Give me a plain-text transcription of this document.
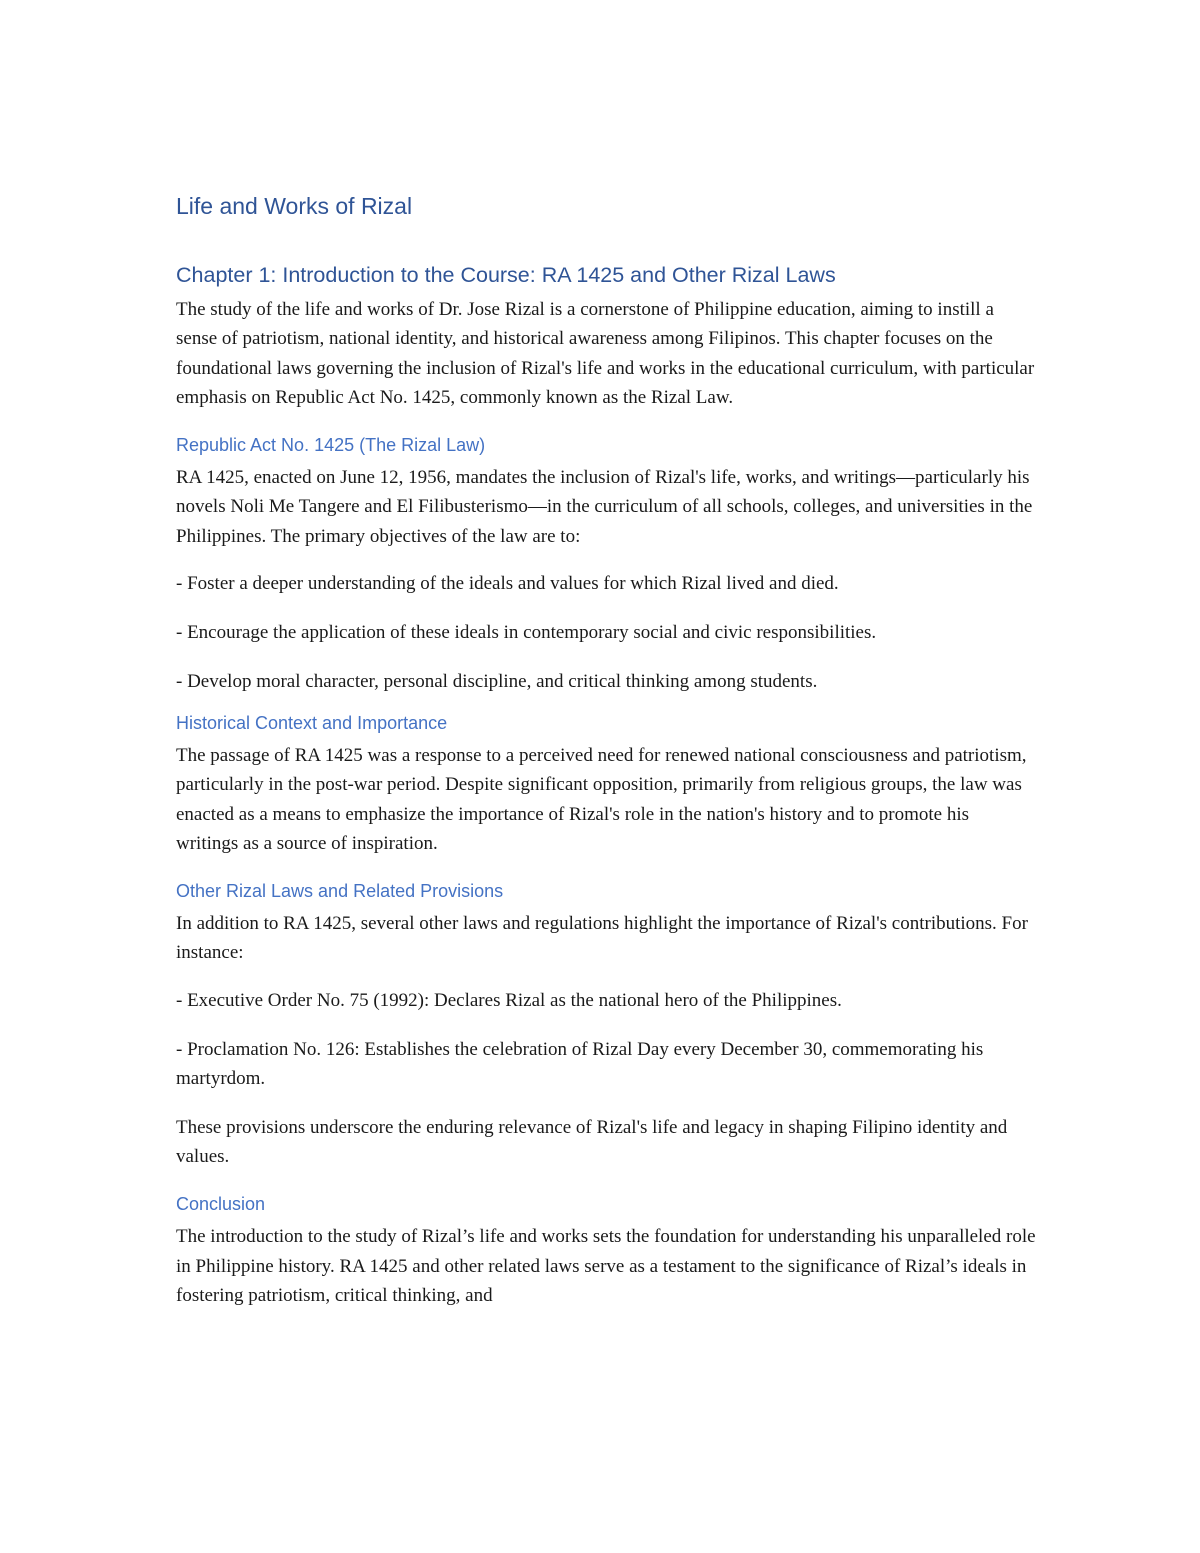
Life and Works of Rizal
Chapter 1: Introduction to the Course: RA 1425 and Other Rizal Laws

The study of the life and works of Dr. Jose Rizal is a cornerstone of Philippine education, aiming to instill a sense of patriotism, national identity, and historical awareness among Filipinos. This chapter focuses on the foundational laws governing the inclusion of Rizal's life and works in the educational curriculum, with particular emphasis on Republic Act No. 1425, commonly known as the Rizal Law.

Republic Act No. 1425 (The Rizal Law)

RA 1425, enacted on June 12, 1956, mandates the inclusion of Rizal's life, works, and writings—particularly his novels Noli Me Tangere and El Filibusterismo—in the curriculum of all schools, colleges, and universities in the Philippines. The primary objectives of the law are to:

- Foster a deeper understanding of the ideals and values for which Rizal lived and died.

- Encourage the application of these ideals in contemporary social and civic responsibilities.

- Develop moral character, personal discipline, and critical thinking among students.

Historical Context and Importance

The passage of RA 1425 was a response to a perceived need for renewed national consciousness and patriotism, particularly in the post-war period. Despite significant opposition, primarily from religious groups, the law was enacted as a means to emphasize the importance of Rizal's role in the nation's history and to promote his writings as a source of inspiration.

Other Rizal Laws and Related Provisions

In addition to RA 1425, several other laws and regulations highlight the importance of Rizal's contributions. For instance:

- Executive Order No. 75 (1992): Declares Rizal as the national hero of the Philippines.

- Proclamation No. 126: Establishes the celebration of Rizal Day every December 30, commemorating his martyrdom.

These provisions underscore the enduring relevance of Rizal's life and legacy in shaping Filipino identity and values.

Conclusion

The introduction to the study of Rizal’s life and works sets the foundation for understanding his unparalleled role in Philippine history. RA 1425 and other related laws serve as a testament to the significance of Rizal’s ideals in fostering patriotism, critical thinking, and
